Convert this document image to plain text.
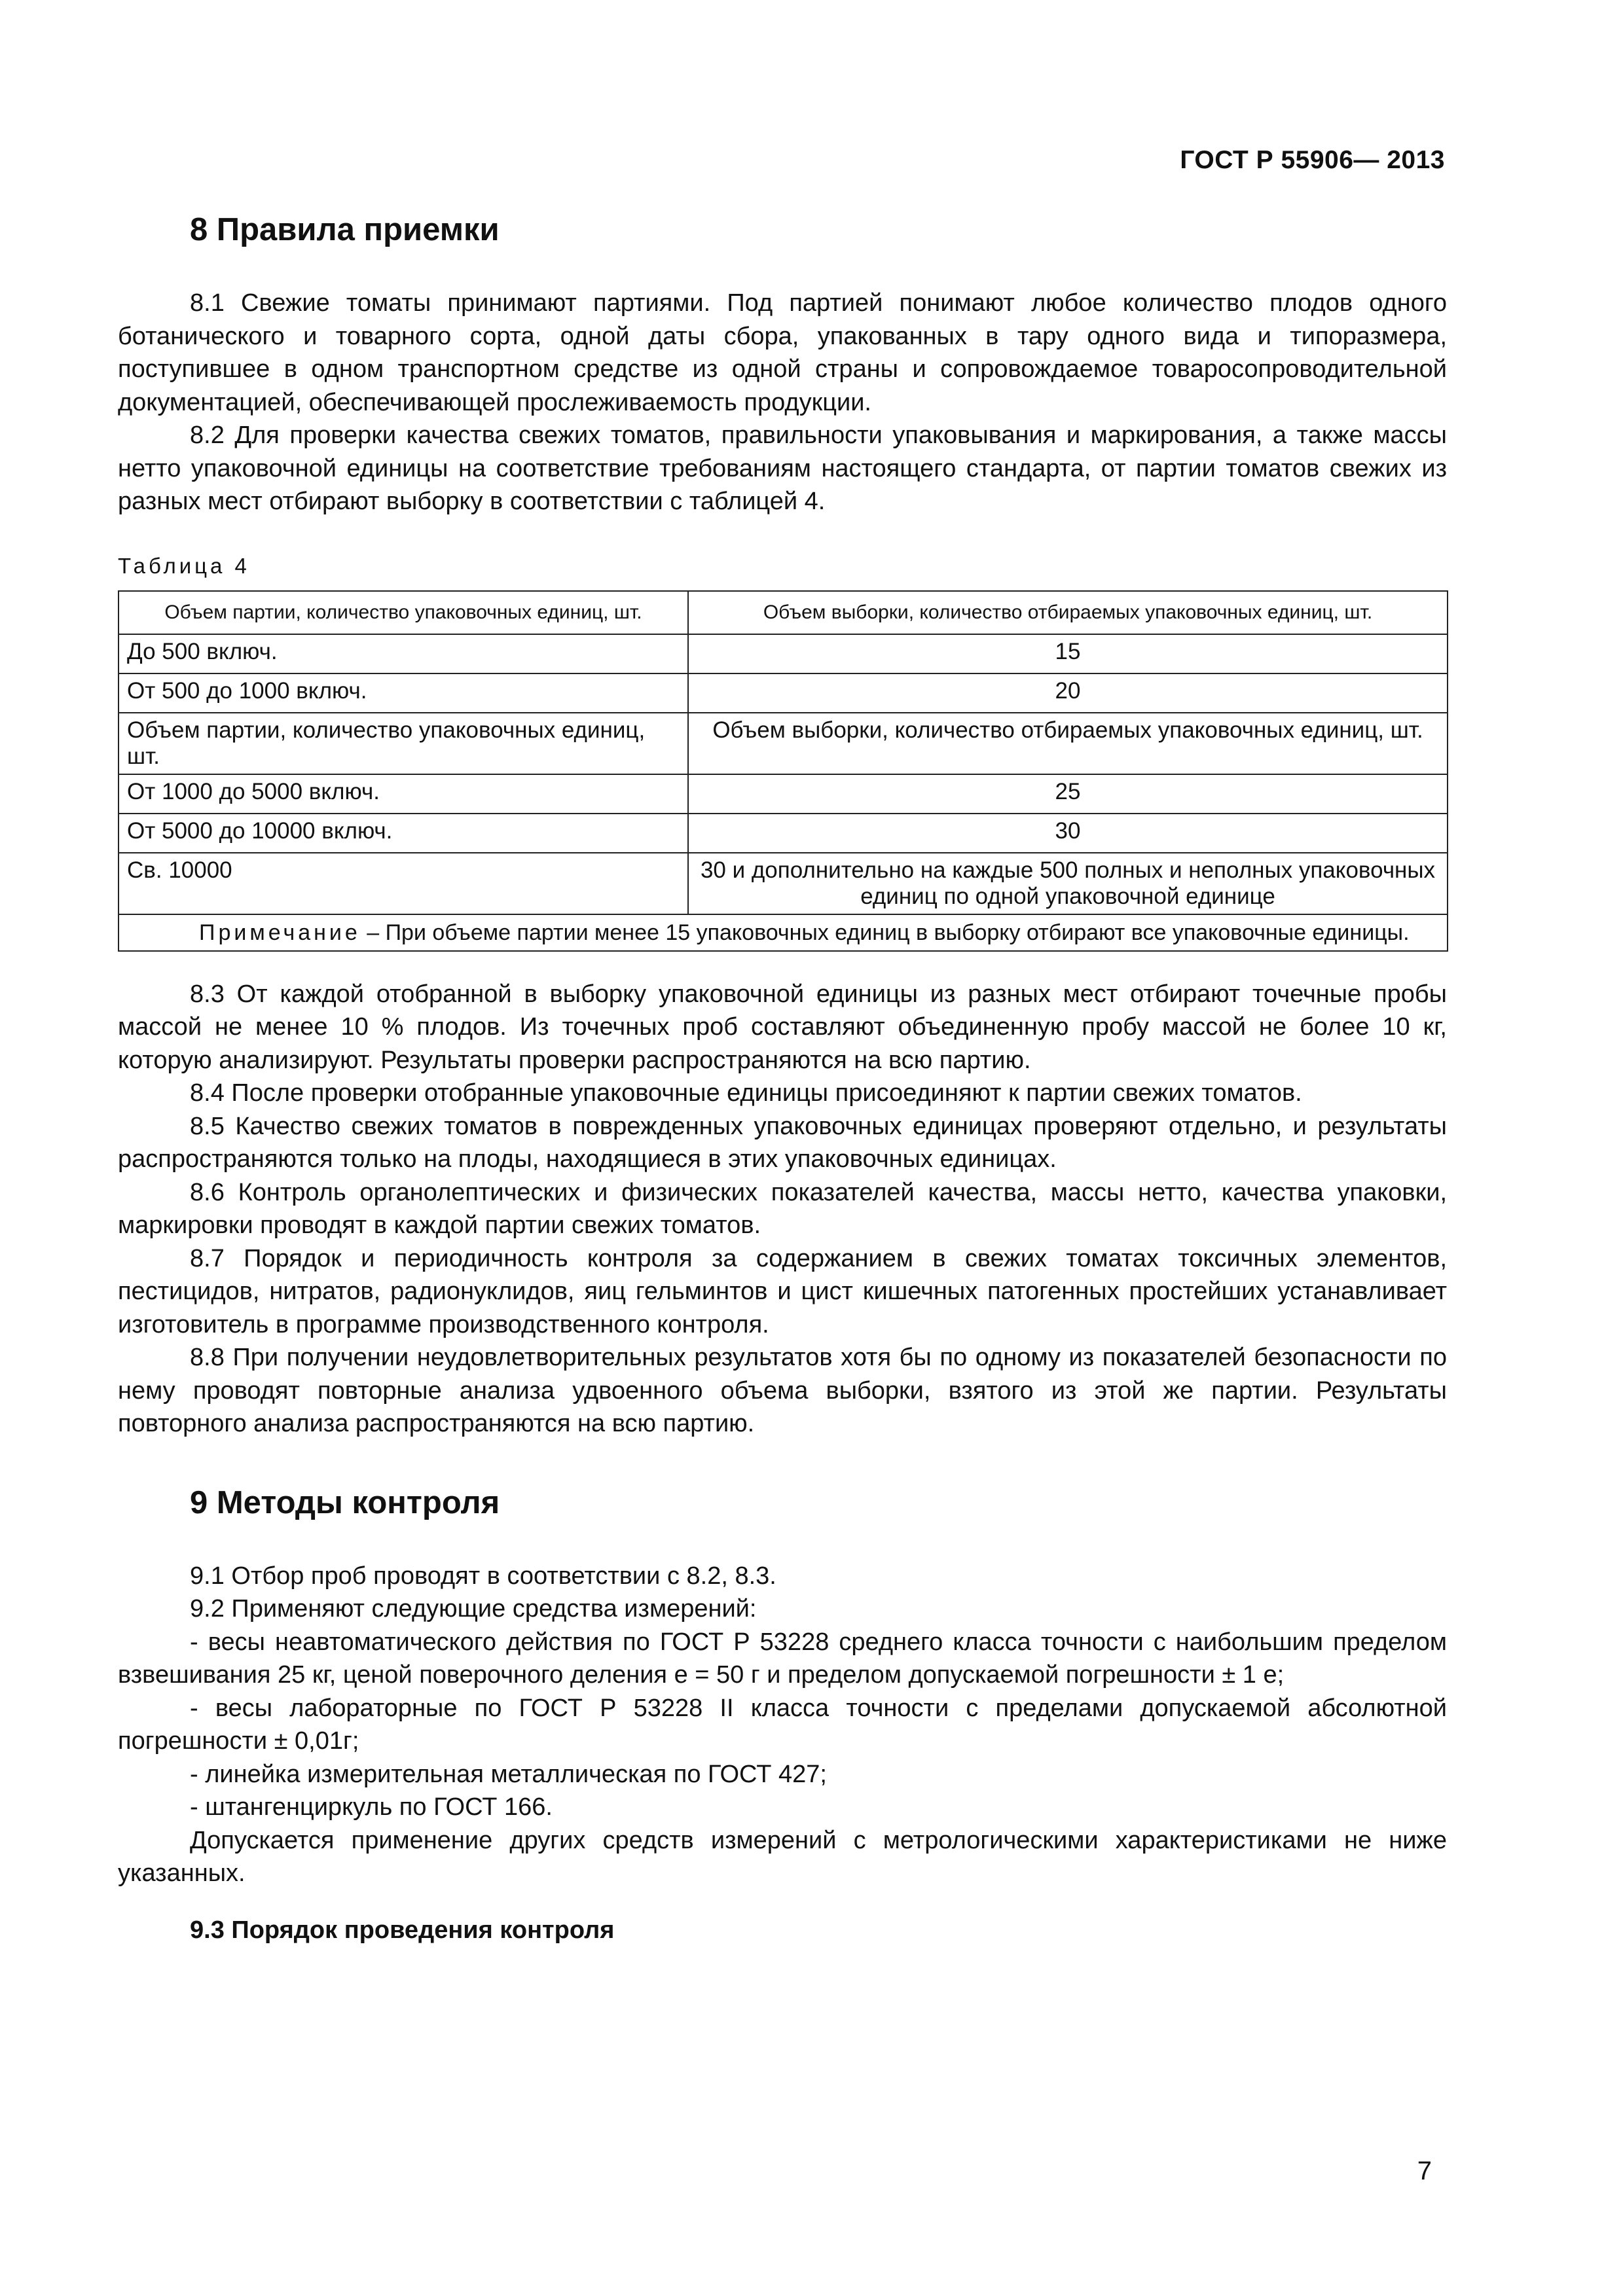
ГОСТ Р 55906— 2013
8 Правила приемки

8.1 Свежие томаты принимают партиями. Под партией понимают любое количество плодов одного ботанического и товарного сорта, одной даты сбора, упакованных в тару одного вида и типоразмера, поступившее в одном транспортном средстве из одной страны и сопровождаемое товаросопроводительной документацией, обеспечивающей прослеживаемость продукции.

8.2 Для проверки качества свежих томатов, правильности упаковывания и маркирования, а также массы нетто упаковочной единицы на соответствие требованиям настоящего стандарта, от партии томатов свежих из разных мест отбирают выборку в соответствии с таблицей 4.

Таблица 4

Объем партии, количество упаковочных единиц, шт.	Объем выборки, количество отбираемых упаковочных единиц, шт.
До 500 включ.	15
От 500 до 1000 включ.	20
Объем партии, количество упаковочных единиц, шт.	Объем выборки, количество отбираемых упаковочных единиц, шт.
От 1000 до 5000 включ.	25
От 5000 до 10000 включ.	30
Св. 10000	30 и дополнительно на каждые 500 полных и неполных упаковочных единиц по одной упаковочной единице
Примечание – При объеме партии менее 15 упаковочных единиц в выборку отбирают все упаковочные единицы.	

8.3 От каждой отобранной в выборку упаковочной единицы из разных мест отбирают точечные пробы массой не менее 10 % плодов. Из точечных проб составляют объединенную пробу массой не более 10 кг, которую анализируют. Результаты проверки распространяются на всю партию.

8.4 После проверки отобранные упаковочные единицы присоединяют к партии свежих томатов.

8.5 Качество свежих томатов в поврежденных упаковочных единицах проверяют отдельно, и результаты распространяются только на плоды, находящиеся в этих упаковочных единицах.

8.6 Контроль органолептических и физических показателей качества, массы нетто, качества упаковки, маркировки проводят в каждой партии свежих томатов.

8.7 Порядок и периодичность контроля за содержанием в свежих томатах токсичных элементов, пестицидов, нитратов, радионуклидов, яиц гельминтов и цист кишечных патогенных простейших устанавливает изготовитель в программе производственного контроля.

8.8 При получении неудовлетворительных результатов хотя бы по одному из показателей безопасности по нему проводят повторные анализа удвоенного объема выборки, взятого из этой же партии. Результаты повторного анализа распространяются на всю партию.

9 Методы контроля

9.1 Отбор проб проводят в соответствии с 8.2, 8.3.

9.2 Применяют следующие средства измерений:

- весы неавтоматического действия по ГОСТ Р 53228 среднего класса точности с наибольшим пределом взвешивания 25 кг, ценой поверочного деления е = 50 г и пределом допускаемой погрешности ± 1 е;

- весы лабораторные по ГОСТ Р 53228 II класса точности с пределами допускаемой абсолютной погрешности ± 0,01г;

- линейка измерительная металлическая по ГОСТ 427;

- штангенциркуль по ГОСТ 166.

Допускается применение других средств измерений с метрологическими характеристиками не ниже указанных.

9.3 Порядок проведения контроля
7
